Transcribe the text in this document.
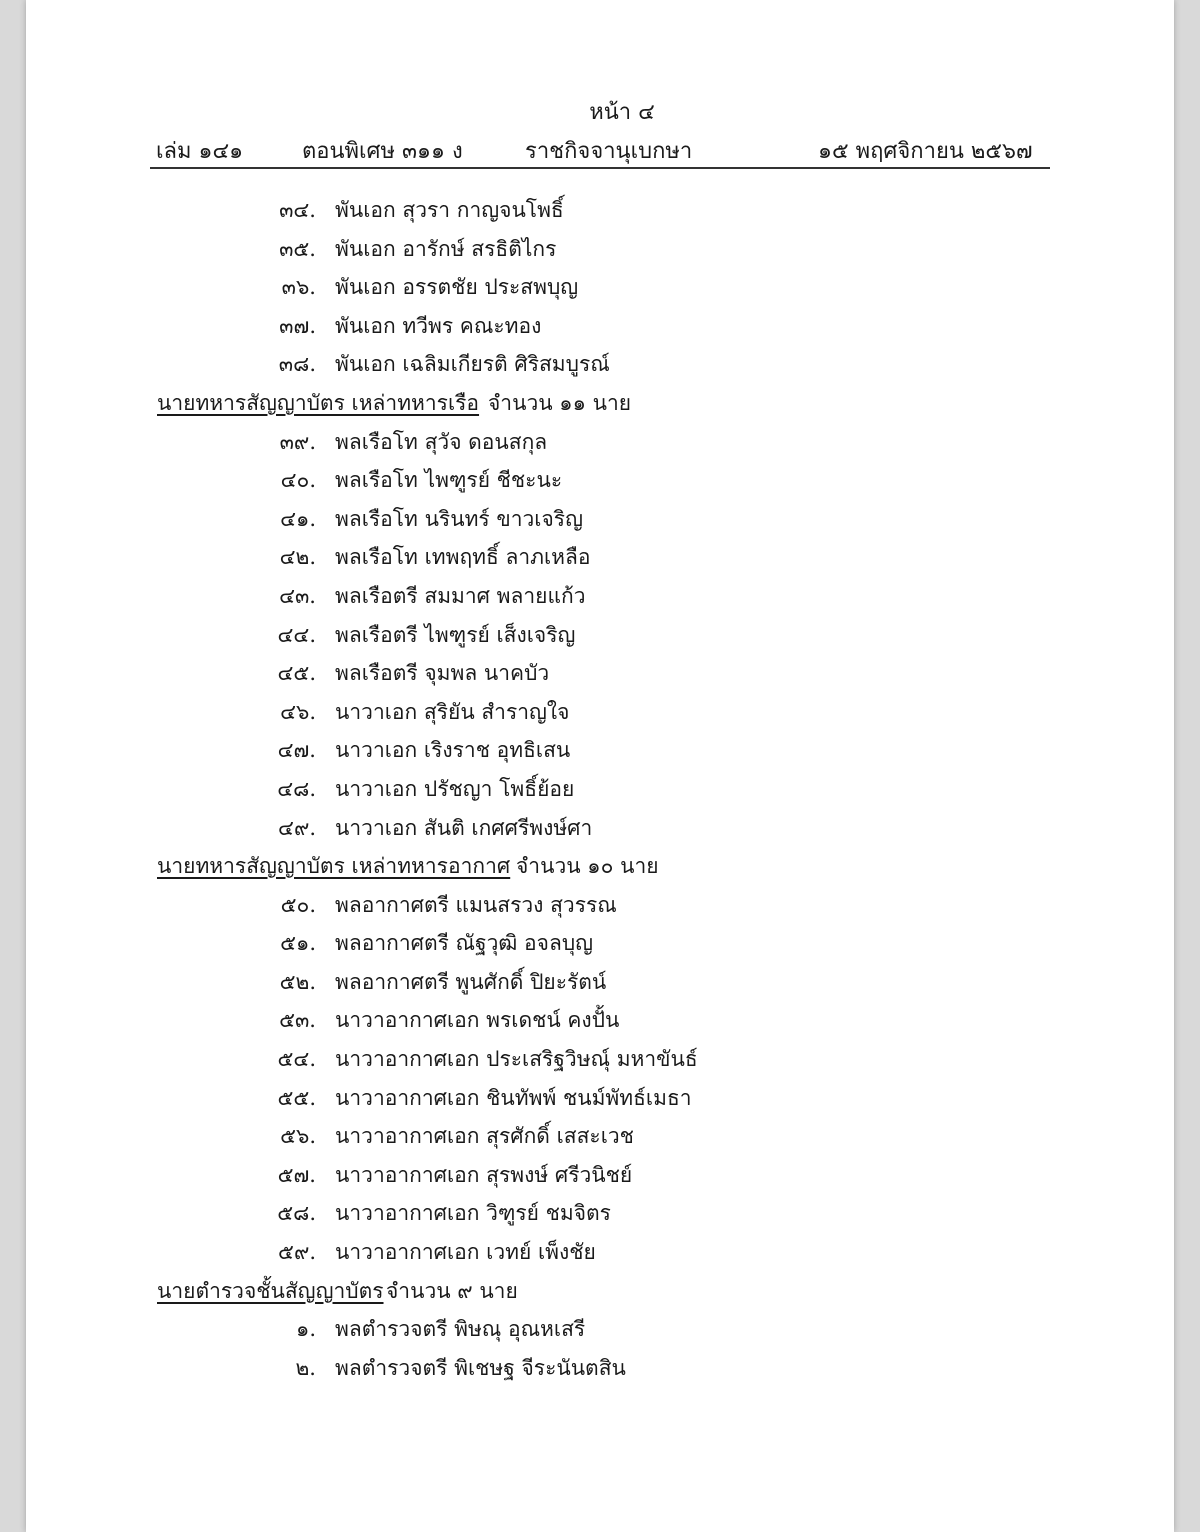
หน้า ๔
เล่ม ๑๔๑	ตอนพิเศษ ๓๑๑ ง	ราชกิจจานุเบกษา	๑๕ พฤศจิกายน ๒๕๖๗
๓๔. พันเอก สุวรา กาญจนโพธิ์
๓๕. พันเอก อารักษ์ สรธิติไกร
๓๖. พันเอก อรรตชัย ประสพบุญ
๓๗. พันเอก ทวีพร คณะทอง
๓๘. พันเอก เฉลิมเกียรติ ศิริสมบูรณ์
นายทหารสัญญาบัตร เหล่าทหารเรือ จำนวน ๑๑ นาย
๓๙. พลเรือโท สุวัจ ดอนสกุล
๔๐. พลเรือโท ไพฑูรย์ ชีชะนะ
๔๑. พลเรือโท นรินทร์ ขาวเจริญ
๔๒. พลเรือโท เทพฤทธิ์ ลาภเหลือ
๔๓. พลเรือตรี สมมาศ พลายแก้ว
๔๔. พลเรือตรี ไพฑูรย์ เส็งเจริญ
๔๕. พลเรือตรี จุมพล นาคบัว
๔๖. นาวาเอก สุริยัน สำราญใจ
๔๗. นาวาเอก เริงราช อุทธิเสน
๔๘. นาวาเอก ปรัชญา โพธิ์ย้อย
๔๙. นาวาเอก สันติ เกศศรีพงษ์ศา
นายทหารสัญญาบัตร เหล่าทหารอากาศ จำนวน ๑๐ นาย
๕๐. พลอากาศตรี แมนสรวง สุวรรณ
๕๑. พลอากาศตรี ณัฐวุฒิ อจลบุญ
๕๒. พลอากาศตรี พูนศักดิ์ ปิยะรัตน์
๕๓. นาวาอากาศเอก พรเดชน์ คงปั้น
๕๔. นาวาอากาศเอก ประเสริฐวิษณุ์ มหาขันธ์
๕๕. นาวาอากาศเอก ชินทัพพ์ ชนม์พัทธ์เมธา
๕๖. นาวาอากาศเอก สุรศักดิ์ เสสะเวช
๕๗. นาวาอากาศเอก สุรพงษ์ ศรีวนิชย์
๕๘. นาวาอากาศเอก วิฑูรย์ ชมจิตร
๕๙. นาวาอากาศเอก เวทย์ เพ็งชัย
นายตำรวจชั้นสัญญาบัตร จำนวน ๙ นาย
๑. พลตำรวจตรี พิษณุ อุณหเสรี
๒. พลตำรวจตรี พิเชษฐ จีระนันตสิน
